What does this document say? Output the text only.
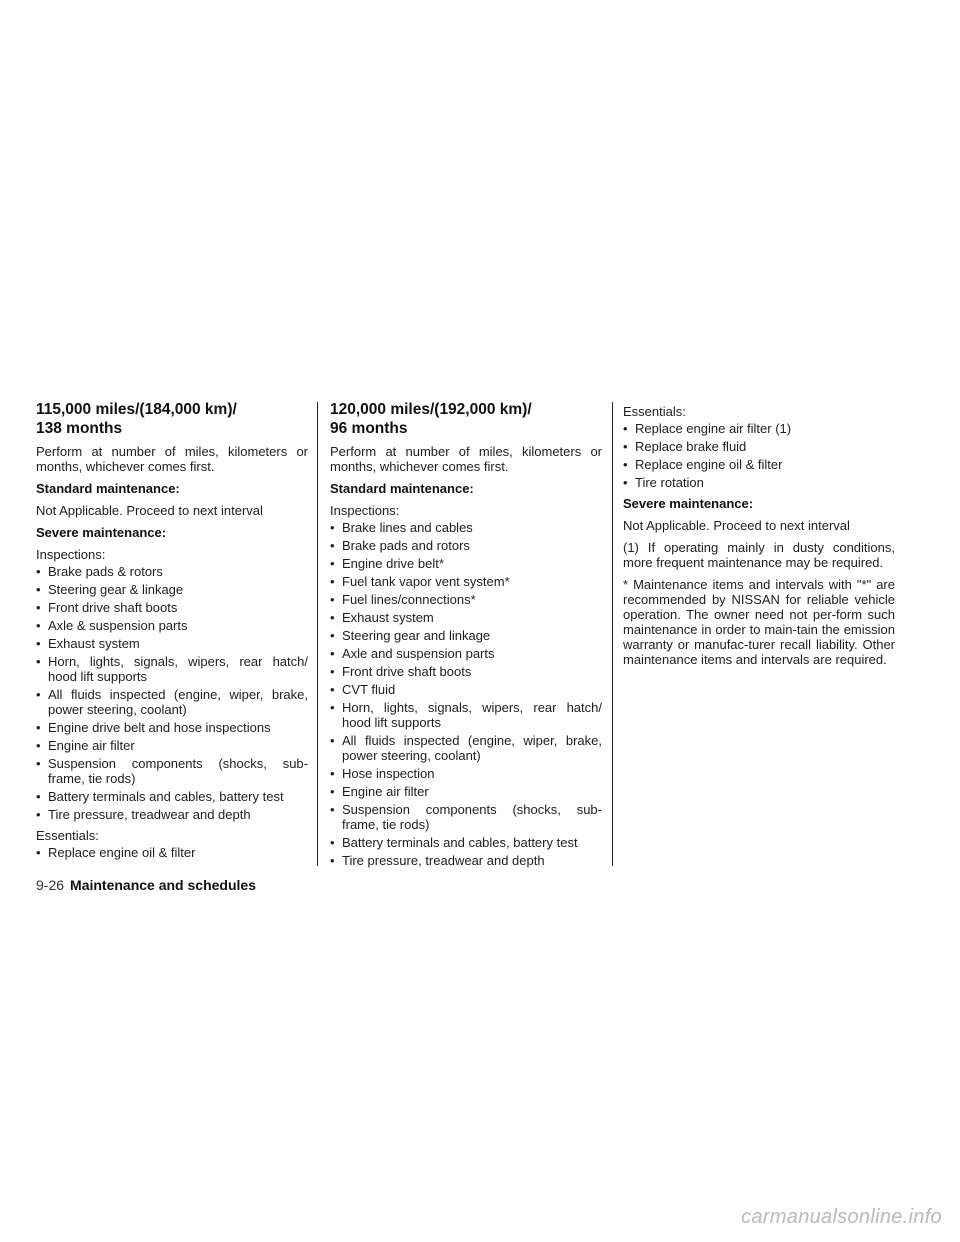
115,000 miles/(184,000 km)/
138 months

Perform at number of miles, kilometers or months, whichever comes first.

Standard maintenance:

Not Applicable. Proceed to next interval

Severe maintenance:

Inspections:

• Brake pads & rotors
• Steering gear & linkage
• Front drive shaft boots
• Axle & suspension parts
• Exhaust system
• Horn, lights, signals, wipers, rear hatch/ hood lift supports
• All fluids inspected (engine, wiper, brake, power steering, coolant)
• Engine drive belt and hose inspections
• Engine air filter
• Suspension components (shocks, sub-frame, tie rods)
• Battery terminals and cables, battery test
• Tire pressure, treadwear and depth

Essentials:

• Replace engine oil & filter
120,000 miles/(192,000 km)/
96 months

Perform at number of miles, kilometers or months, whichever comes first.

Standard maintenance:

Inspections:

• Brake lines and cables
• Brake pads and rotors
• Engine drive belt*
• Fuel tank vapor vent system*
• Fuel lines/connections*
• Exhaust system
• Steering gear and linkage
• Axle and suspension parts
• Front drive shaft boots
• CVT fluid
• Horn, lights, signals, wipers, rear hatch/ hood lift supports
• All fluids inspected (engine, wiper, brake, power steering, coolant)
• Hose inspection
• Engine air filter
• Suspension components (shocks, sub-frame, tie rods)
• Battery terminals and cables, battery test
• Tire pressure, treadwear and depth

Essentials:

• Replace engine air filter (1)
• Replace brake fluid
• Replace engine oil & filter
• Tire rotation

Severe maintenance:

Not Applicable. Proceed to next interval

(1) If operating mainly in dusty conditions, more frequent maintenance may be required.

* Maintenance items and intervals with "*" are recommended by NISSAN for reliable vehicle operation. The owner need not per-form such maintenance in order to main-tain the emission warranty or manufac-turer recall liability. Other maintenance items and intervals are required.

9-26 Maintenance and schedules
carmanualsonline.info
